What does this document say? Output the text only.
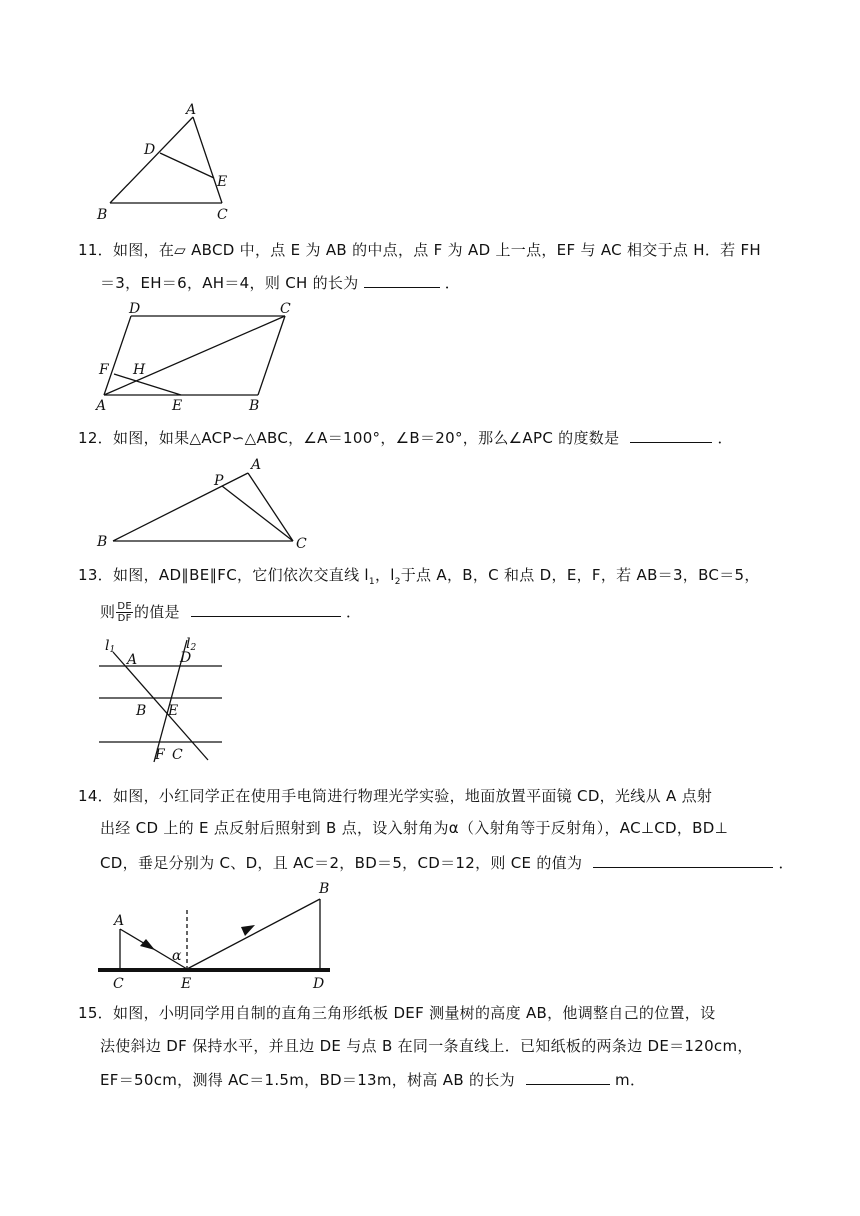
A
D
E
B	C
11．如图，在▱ ABCD 中，点 E 为 AB 的中点，点 F 为 AD 上一点，EF 与 AC 相交于点 H．若 FH
＝3，EH＝6，AH＝4，则 CH 的长为	．
D	C
F H
A	E	B
12．如图，如果△ACP∽△ABC，∠A＝100°，∠B＝20°，那么∠APC 的度数是	．
A
P
B	C
13．如图，AD∥BE∥FC，它们依次交直线 $l_1$，$l_2$于点 A，B，C 和点 D，E，F，若 AB＝3，BC＝5，
则 $\frac{DE}{DF}$ 的值是	．
l1	l2
A	D
B E
F C
14．如图，小红同学正在使用手电筒进行物理光学实验，地面放置平面镜 CD，光线从 A 点射
出经 CD 上的 E 点反射后照射到 B 点，设入射角为α（入射角等于反射角），AC⊥CD，BD⊥
CD，垂足分别为 C、D，且 AC＝2，BD＝5，CD＝12，则 CE 的值为	．
A
B
α
C	E	D
15．如图，小明同学用自制的直角三角形纸板 DEF 测量树的高度 AB，他调整自己的位置，设
法使斜边 DF 保持水平，并且边 DE 与点 B 在同一条直线上．已知纸板的两条边 DE＝120cm，
EF＝50cm，测得 AC＝1.5m，BD＝13m，树高 AB 的长为	m．
